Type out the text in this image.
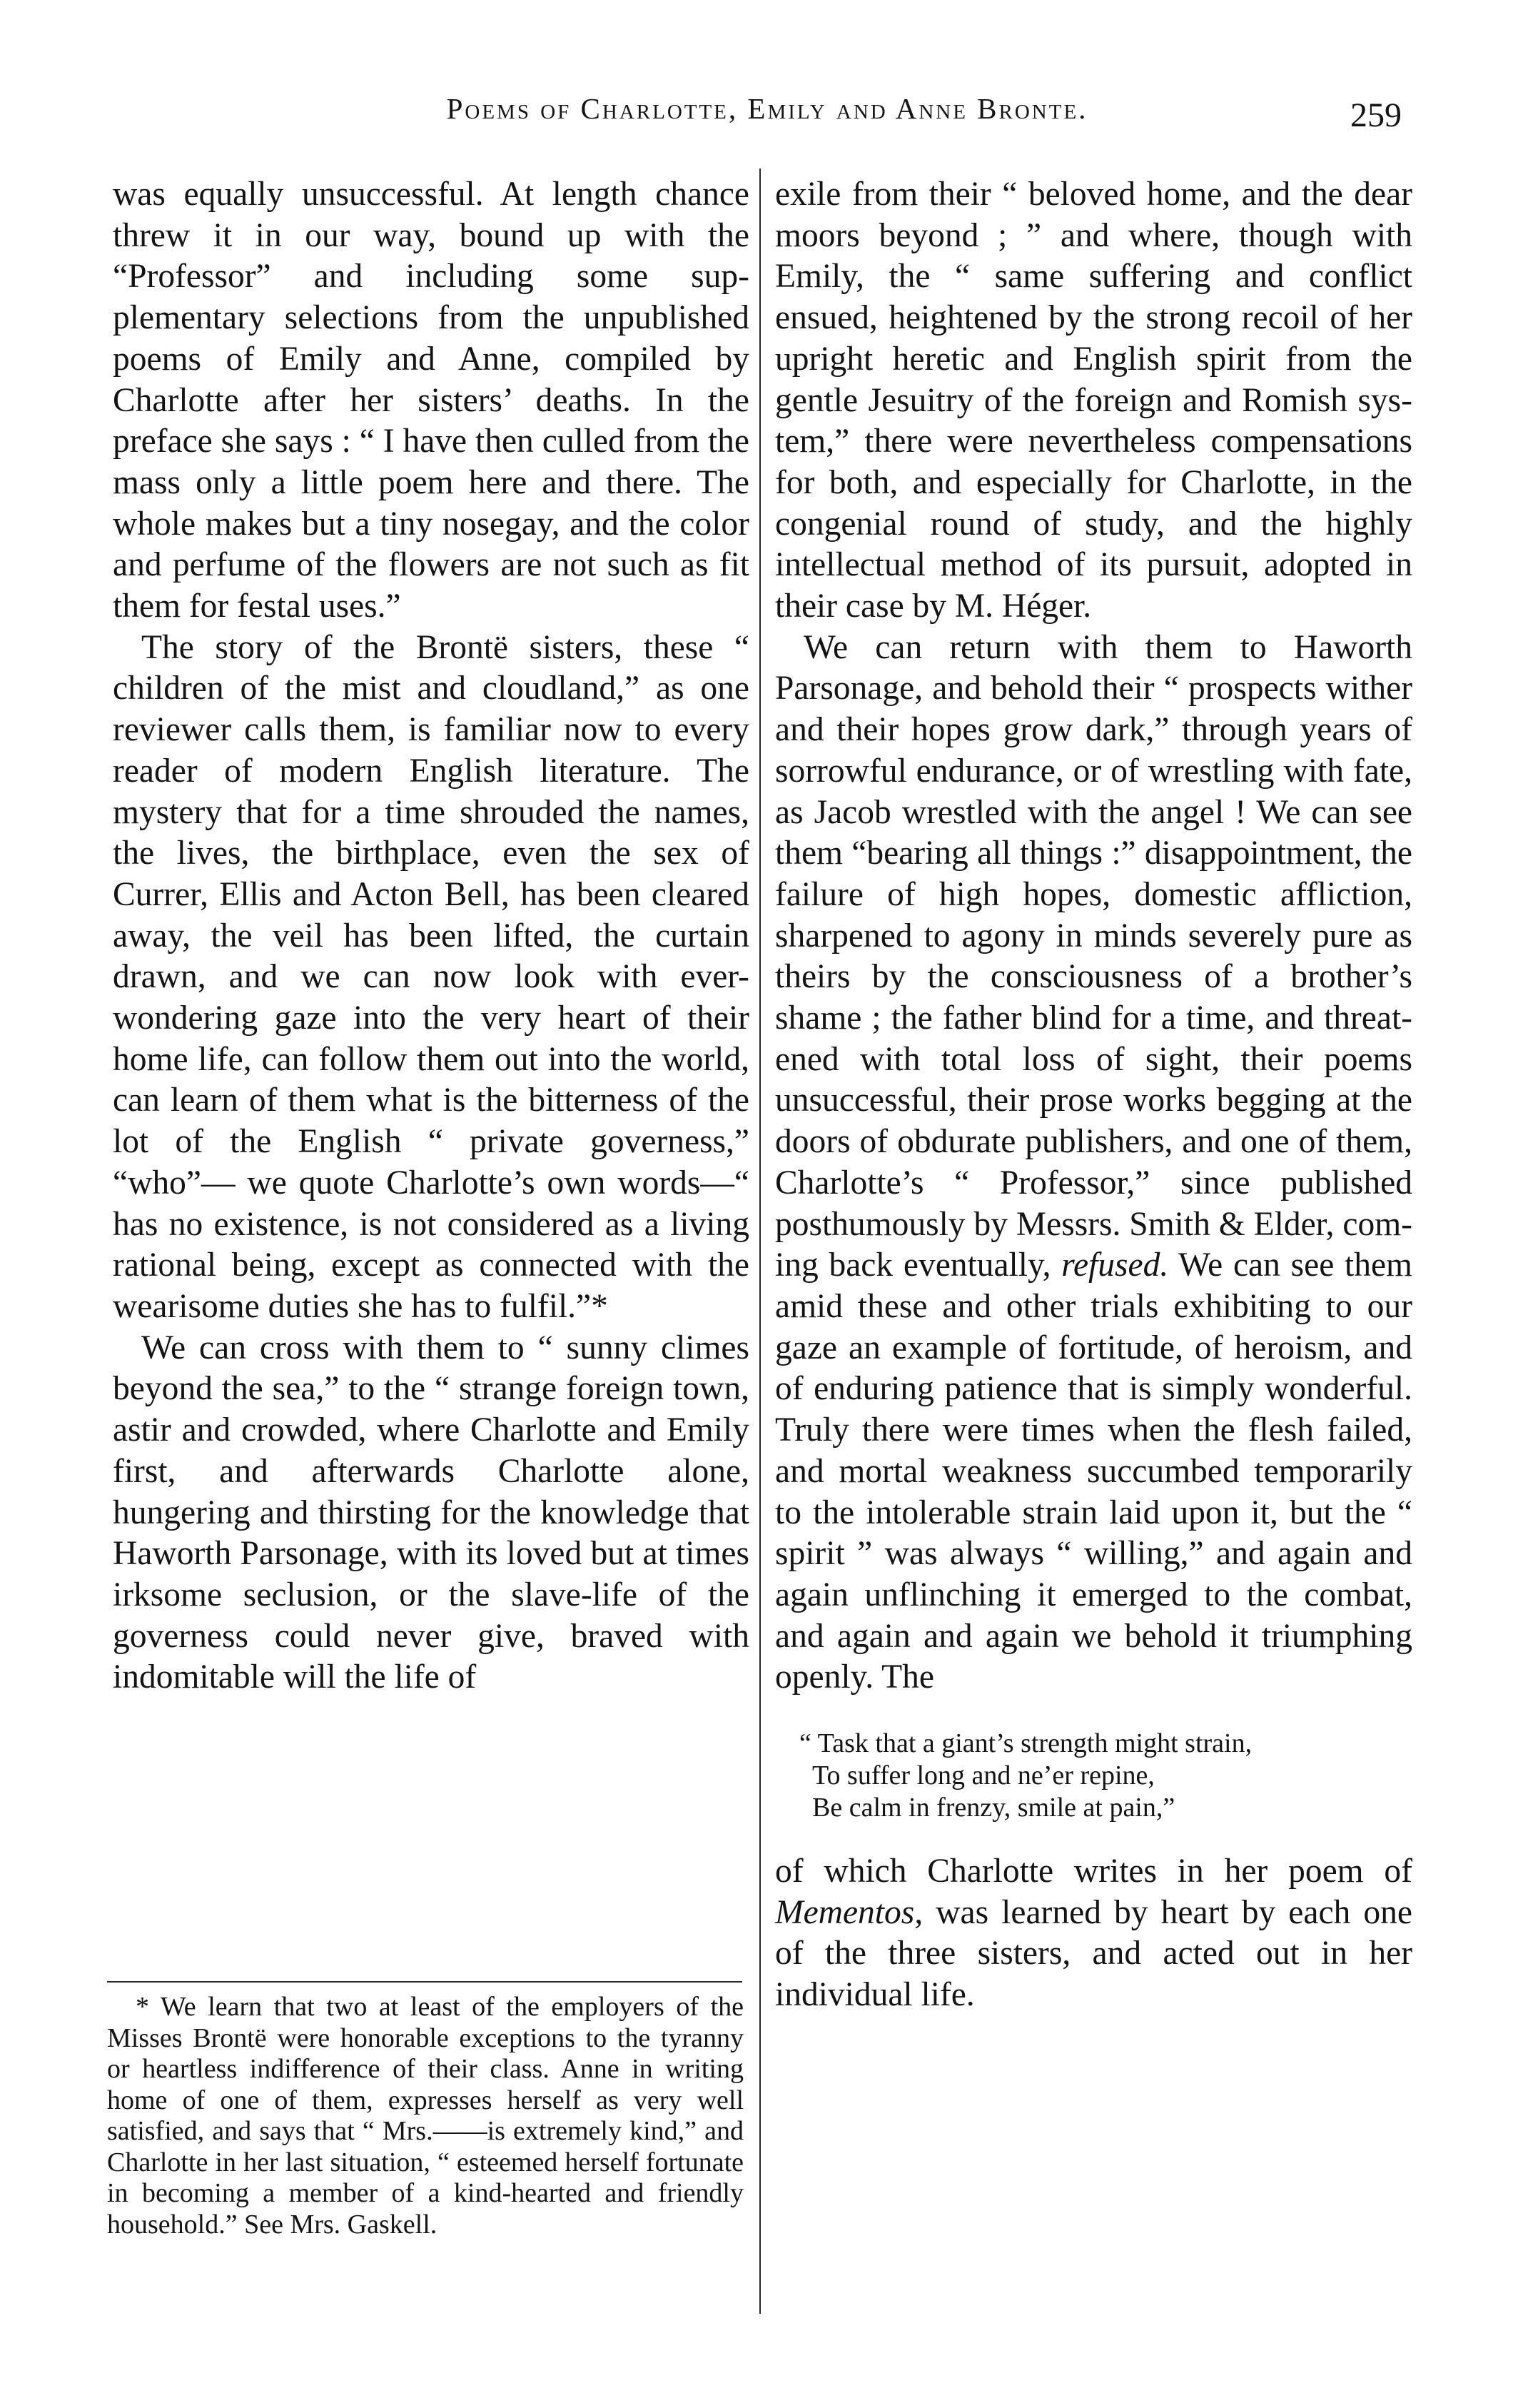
Poems of Charlotte, Emily and Anne Bronte.	259

was equally unsuccessful. At length chance threw it in our way, bound up with the “Professor” and including some supplementary selections from the unpublished poems of Emily and Anne, compiled by Charlotte after her sisters’ deaths. In the preface she says : “ I have then culled from the mass only a little poem here and there. The whole makes but a tiny nosegay, and the color and perfume of the flowers are not such as fit them for festal uses.”

The story of the Brontë sisters, these “ children of the mist and cloudland,” as one reviewer calls them, is familiar now to every reader of modern English literature. The mystery that for a time shrouded the names, the lives, the birthplace, even the sex of Currer, Ellis and Acton Bell, has been cleared away, the veil has been lifted, the curtain drawn, and we can now look with ever-wondering gaze into the very heart of their home life, can follow them out into the world, can learn of them what is the bitterness of the lot of the English “ private governess,” “who”— we quote Charlotte’s own words—“ has no existence, is not considered as a living rational being, except as connected with the wearisome duties she has to fulfil.”*

We can cross with them to “ sunny climes beyond the sea,” to the “ strange foreign town, astir and crowded, where Charlotte and Emily first, and afterwards Charlotte alone, hungering and thirsting for the knowledge that Haworth Parsonage, with its loved but at times irksome seclusion, or the slave-life of the governess could never give, braved with indomitable will the life of

* We learn that two at least of the employers of the Misses Brontë were honorable exceptions to the tyranny or heartless indifference of their class. Anne in writing home of one of them, expresses herself as very well satisfied, and says that “ Mrs.——is extremely kind,” and Charlotte in her last situation, “ esteemed herself fortunate in becoming a member of a kind-hearted and friendly household.” See Mrs. Gaskell.

exile from their “ beloved home, and the dear moors beyond ; ” and where, though with Emily, the “ same suffering and conflict ensued, heightened by the strong recoil of her upright heretic and English spirit from the gentle Jesuitry of the foreign and Romish system,” there were nevertheless compensations for both, and especially for Charlotte, in the congenial round of study, and the highly intellectual method of its pursuit, adopted in their case by M. Héger.

We can return with them to Haworth Parsonage, and behold their “ prospects wither and their hopes grow dark,” through years of sorrowful endurance, or of wrestling with fate, as Jacob wrestled with the angel ! We can see them “bearing all things :” disappointment, the failure of high hopes, domestic affliction, sharpened to agony in minds severely pure as theirs by the consciousness of a brother’s shame ; the father blind for a time, and threatened with total loss of sight, their poems unsuccessful, their prose works begging at the doors of obdurate publishers, and one of them, Charlotte’s “ Professor,” since published posthumously by Messrs. Smith & Elder, coming back eventually, refused. We can see them amid these and other trials exhibiting to our gaze an example of fortitude, of heroism, and of enduring patience that is simply wonderful. Truly there were times when the flesh failed, and mortal weakness succumbed temporarily to the intolerable strain laid upon it, but the “ spirit ” was always “ willing,” and again and again unflinching it emerged to the combat, and again and again we behold it triumphing openly. The

“ Task that a giant’s strength might strain,
To suffer long and ne’er repine,
Be calm in frenzy, smile at pain,”

of which Charlotte writes in her poem of Mementos, was learned by heart by each one of the three sisters, and acted out in her individual life.
